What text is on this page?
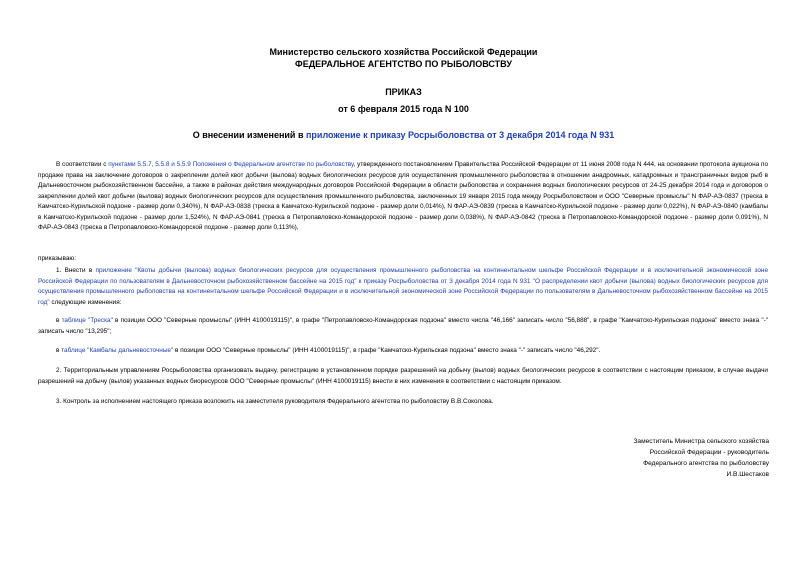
Министерство сельского хозяйства Российской Федерации
ФЕДЕРАЛЬНОЕ АГЕНТСТВО ПО РЫБОЛОВСТВУ
ПРИКАЗ
от 6 февраля 2015 года N 100
О внесении изменений в приложение к приказу Росрыболовства от 3 декабря 2014 года N 931
В соответствии с пунктами 5.5.7, 5.5.8 и 5.5.9 Положения о Федеральном агентстве по рыболовству, утвержденного постановлением Правительства Российской Федерации от 11 июня 2008 года N 444, на основании протокола аукциона по продаже права на заключение договоров о закреплении долей квот добычи (вылова) водных биологических ресурсов для осуществления промышленного рыболовства в отношении анадромных, катадромных и трансграничных видов рыб в Дальневосточном рыбохозяйственном бассейне, а также в районах действия международных договоров Российской Федерации в области рыболовства и сохранения водных биологических ресурсов от 24-25 декабря 2014 года и договоров о закреплении долей квот добычи (вылова) водных биологических ресурсов для осуществления промышленного рыболовства, заключенных 19 января 2015 года между Росрыболовством и ООО "Северные промыслы" N ФАР-АЭ-0837 (треска в Камчатско-Курильской подзоне - размер доли 0,340%), N ФАР-АЭ-0838 (треска в Камчатско-Курильской подзоне - размер доли 0,014%), N ФАР-АЭ-0839 (треска в Камчатско-Курильской подзоне - размер доли 0,022%), N ФАР-АЭ-0840 (камбалы в Камчатско-Курильской подзоне - размер доли 1,524%), N ФАР-АЭ-0841 (треска в Петропавловско-Командорской подзоне - размер доли 0,038%), N ФАР-АЭ-0842 (треска в Петропавловско-Командорской подзоне - размер доли 0,091%), N ФАР-АЭ-0843 (треска в Петропавловско-Командорской подзоне - размер доли 0,113%),
приказываю:
1. Внести в приложение "Квоты добычи (вылова) водных биологических ресурсов для осуществления промышленного рыболовства на континентальном шельфе Российской Федерации и в исключительной экономической зоне Российской Федерации по пользователям в Дальневосточном рыбохозяйственном бассейне на 2015 год" к приказу Росрыболовства от 3 декабря 2014 года N 931 "О распределении квот добычи (вылова) водных биологических ресурсов для осуществления промышленного рыболовства на континентальном шельфе Российской Федерации и в исключительной экономической зоне Российской Федерации по пользователям в Дальневосточном рыбохозяйственном бассейне на 2015 год" следующие изменения:
в таблице "Треска" в позиции ООО "Северные промыслы" (ИНН 4100019115)", в графе "Петропавловско-Командорская подзона" вместо числа "46,166" записать число "56,888", в графе "Камчатско-Курильская подзона" вместо знака "-" записать число "13,295";
в таблице "Камбалы дальневосточные" в позиции ООО "Северные промыслы" (ИНН 4100019115)", в графе "Камчатско-Курильская подзона" вместо знака "-" записать число "46,292".
2. Территориальным управлениям Росрыболовства организовать выдачу, регистрацию в установленном порядке разрешений на добычу (вылов) водных биологических ресурсов в соответствии с настоящим приказом, в случае выдачи разрешений на добычу (вылов) указанных водных биоресурсов ООО "Северные промыслы" (ИНН 4100019115) внести в них изменения в соответствии с настоящим приказом.
3. Контроль за исполнением настоящего приказа возложить на заместителя руководителя Федерального агентства по рыболовству В.В.Соколова.
Заместитель Министра сельского хозяйства
Российской Федерации - руководитель
Федерального агентства по рыболовству
И.В.Шестаков
